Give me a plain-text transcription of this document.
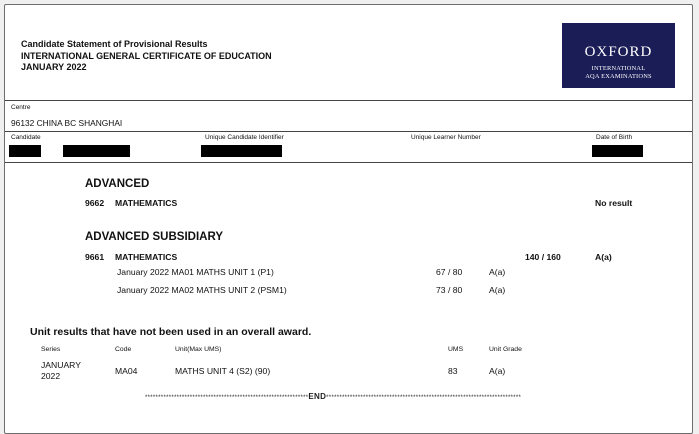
Candidate Statement of Provisional Results
INTERNATIONAL GENERAL CERTIFICATE OF EDUCATION
JANUARY 2022
OXFORD
INTERNATIONAL
AQA EXAMINATIONS
Centre
96132 CHINA BC SHANGHAI
Candidate	Unique Candidate Identifier	Unique Learner Number	Date of Birth
ADVANCED
9662 MATHEMATICS	No result
ADVANCED SUBSIDIARY
9661 MATHEMATICS	140 / 160	A(a)
January 2022 MA01 MATHS UNIT 1 (P1)	67 / 80	A(a)
January 2022 MA02 MATHS UNIT 2 (PSM1)	73 / 80	A(a)
Unit results that have not been used in an overall award.
Series	Code	Unit(Max UMS)	UMS	Unit Grade
JANUARY
2022	MA04	MATHS UNIT 4 (S2) (90)	83	A(a)
**************************************************************END**************************************************************************
